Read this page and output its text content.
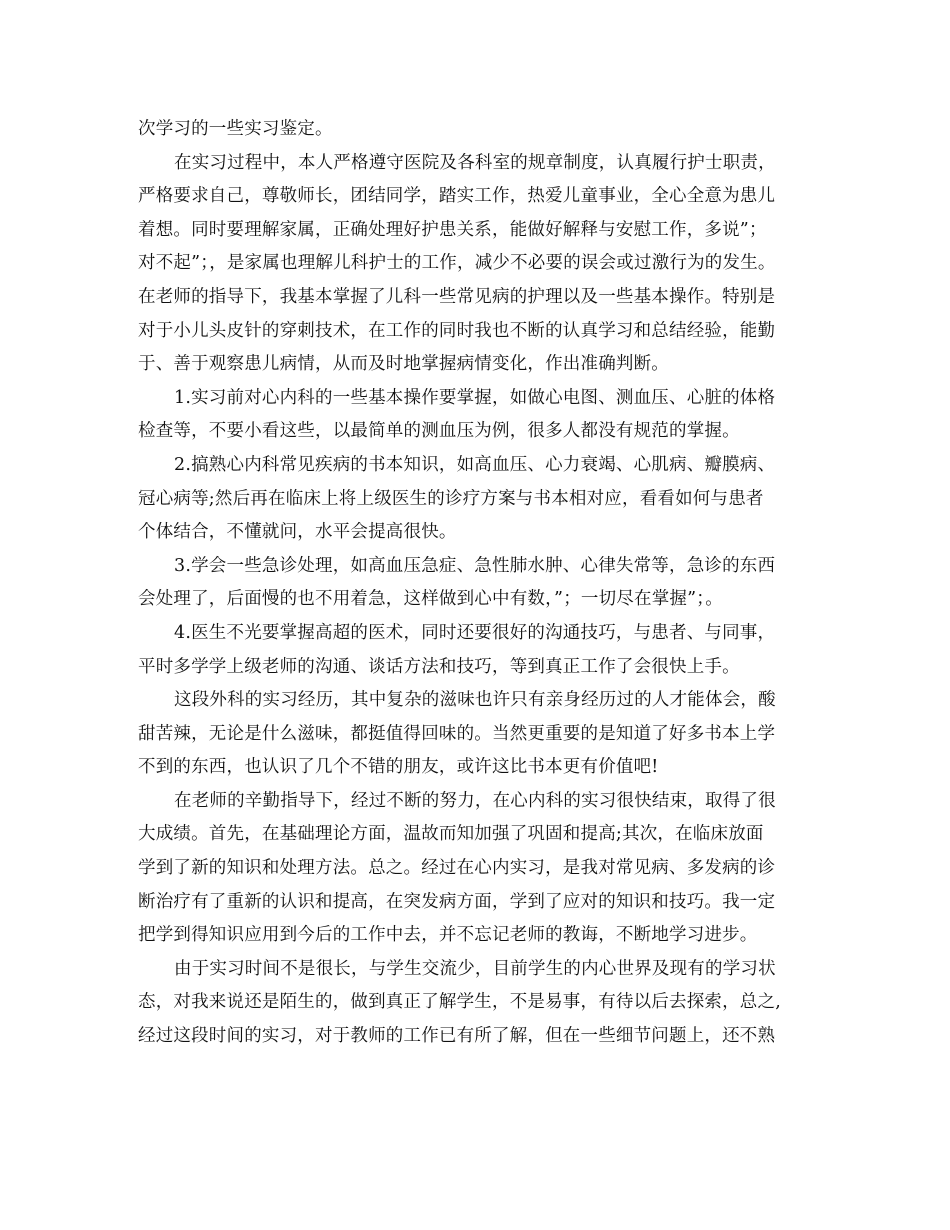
次学习的一些实习鉴定。
在实习过程中，本人严格遵守医院及各科室的规章制度，认真履行护士职责，
严格要求自己，尊敬师长，团结同学，踏实工作，热爱儿童事业，全心全意为患儿
着想。同时要理解家属，正确处理好护患关系，能做好解释与安慰工作，多说”；
对不起”；，是家属也理解儿科护士的工作，减少不必要的误会或过激行为的发生。
在老师的指导下，我基本掌握了儿科一些常见病的护理以及一些基本操作。特别是
对于小儿头皮针的穿刺技术，在工作的同时我也不断的认真学习和总结经验，能勤
于、善于观察患儿病情，从而及时地掌握病情变化，作出准确判断。
1.实习前对心内科的一些基本操作要掌握，如做心电图、测血压、心脏的体格
检查等，不要小看这些，以最简单的测血压为例，很多人都没有规范的掌握。
2.搞熟心内科常见疾病的书本知识，如高血压、心力衰竭、心肌病、瓣膜病、
冠心病等;然后再在临床上将上级医生的诊疗方案与书本相对应，看看如何与患者
个体结合，不懂就问，水平会提高很快。
3.学会一些急诊处理，如高血压急症、急性肺水肿、心律失常等，急诊的东西
会处理了，后面慢的也不用着急，这样做到心中有数，”；一切尽在掌握”；。
4.医生不光要掌握高超的医术，同时还要很好的沟通技巧，与患者、与同事，
平时多学学上级老师的沟通、谈话方法和技巧，等到真正工作了会很快上手。
这段外科的实习经历，其中复杂的滋味也许只有亲身经历过的人才能体会，酸
甜苦辣，无论是什么滋味，都挺值得回味的。当然更重要的是知道了好多书本上学
不到的东西，也认识了几个不错的朋友，或许这比书本更有价值吧!
在老师的辛勤指导下，经过不断的努力，在心内科的实习很快结束，取得了很
大成绩。首先，在基础理论方面，温故而知加强了巩固和提高;其次，在临床放面
学到了新的知识和处理方法。总之。经过在心内实习，是我对常见病、多发病的诊
断治疗有了重新的认识和提高，在突发病方面，学到了应对的知识和技巧。我一定
把学到得知识应用到今后的工作中去，并不忘记老师的教诲，不断地学习进步。
由于实习时间不是很长，与学生交流少，目前学生的内心世界及现有的学习状
态，对我来说还是陌生的，做到真正了解学生，不是易事，有待以后去探索，总之,
经过这段时间的实习，对于教师的工作已有所了解，但在一些细节问题上，还不熟
